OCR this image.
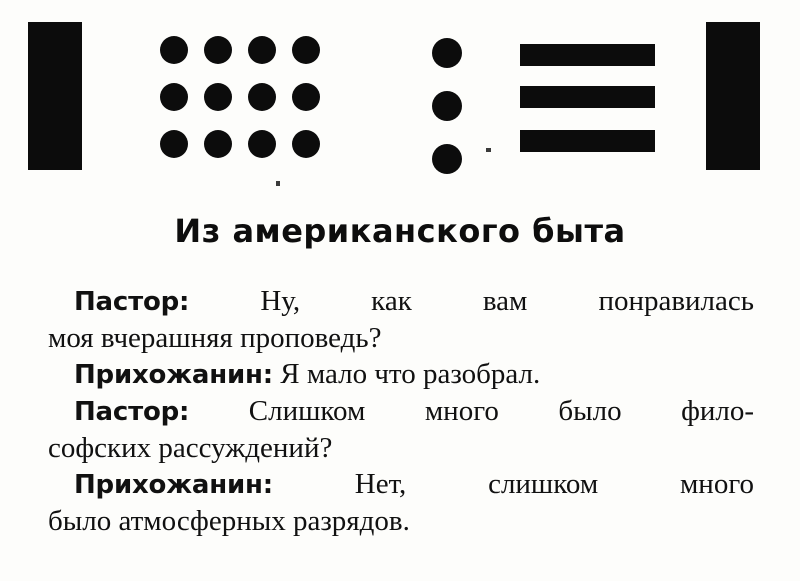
Из американского быта
Пастор: Ну, как вам понравилась
моя вчерашняя проповедь?
Прихожанин: Я мало что разобрал.
Пастор: Слишком много было фило-
софских рассуждений?
Прихожанин:	Нет, слишком много
было атмосферных разрядов.
